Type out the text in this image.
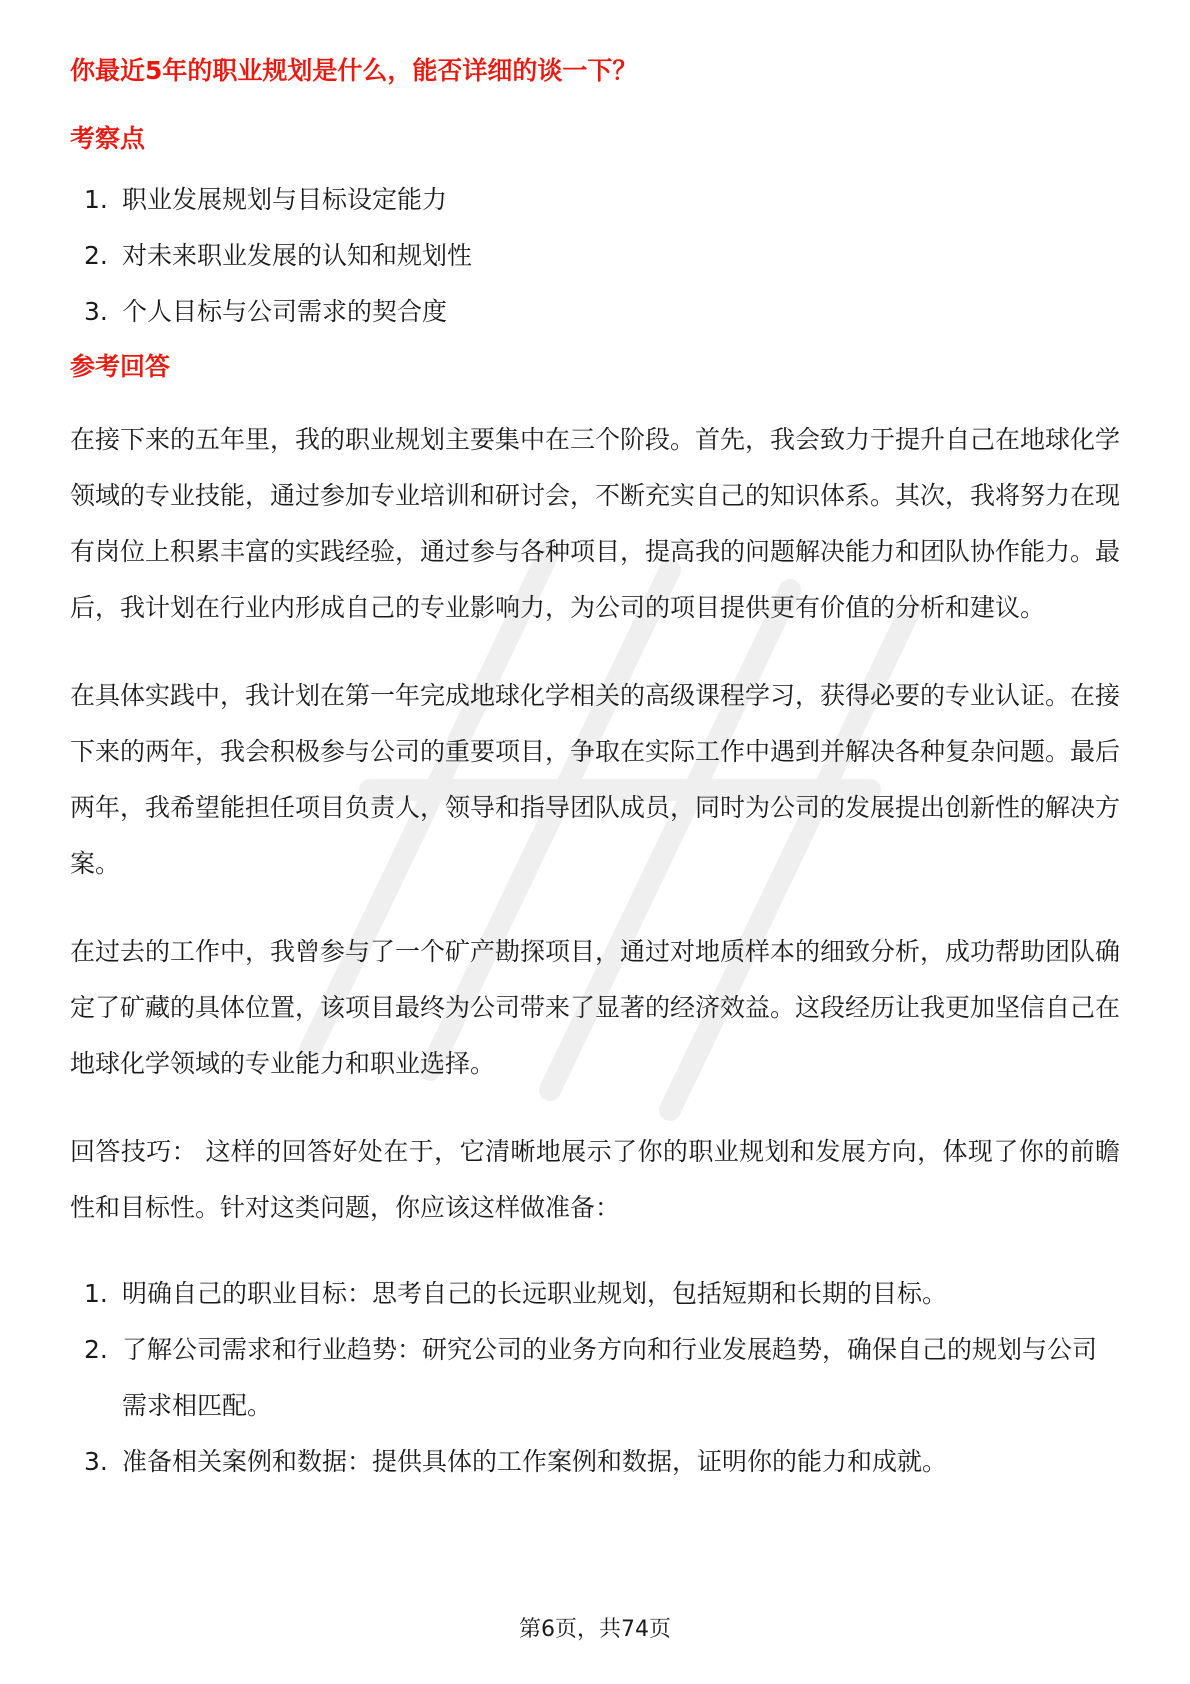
你最近5年的职业规划是什么，能否详细的谈一下？
考察点
1. 职业发展规划与目标设定能力
2. 对未来职业发展的认知和规划性
3. 个人目标与公司需求的契合度
参考回答

在接下来的五年里，我的职业规划主要集中在三个阶段。首先，我会致力于提升自己在地球化学领域的专业技能，通过参加专业培训和研讨会，不断充实自己的知识体系。其次，我将努力在现有岗位上积累丰富的实践经验，通过参与各种项目，提高我的问题解决能力和团队协作能力。最后，我计划在行业内形成自己的专业影响力，为公司的项目提供更有价值的分析和建议。

在具体实践中，我计划在第一年完成地球化学相关的高级课程学习，获得必要的专业认证。在接下来的两年，我会积极参与公司的重要项目，争取在实际工作中遇到并解决各种复杂问题。最后两年，我希望能担任项目负责人，领导和指导团队成员，同时为公司的发展提出创新性的解决方案。

在过去的工作中，我曾参与了一个矿产勘探项目，通过对地质样本的细致分析，成功帮助团队确定了矿藏的具体位置，该项目最终为公司带来了显著的经济效益。这段经历让我更加坚信自己在地球化学领域的专业能力和职业选择。

回答技巧： 这样的回答好处在于，它清晰地展示了你的职业规划和发展方向，体现了你的前瞻性和目标性。针对这类问题，你应该这样做准备：

1. 明确自己的职业目标：思考自己的长远职业规划，包括短期和长期的目标。
2. 了解公司需求和行业趋势：研究公司的业务方向和行业发展趋势，确保自己的规划与公司需求相匹配。
3. 准备相关案例和数据：提供具体的工作案例和数据，证明你的能力和成就。
第6页，共74页
